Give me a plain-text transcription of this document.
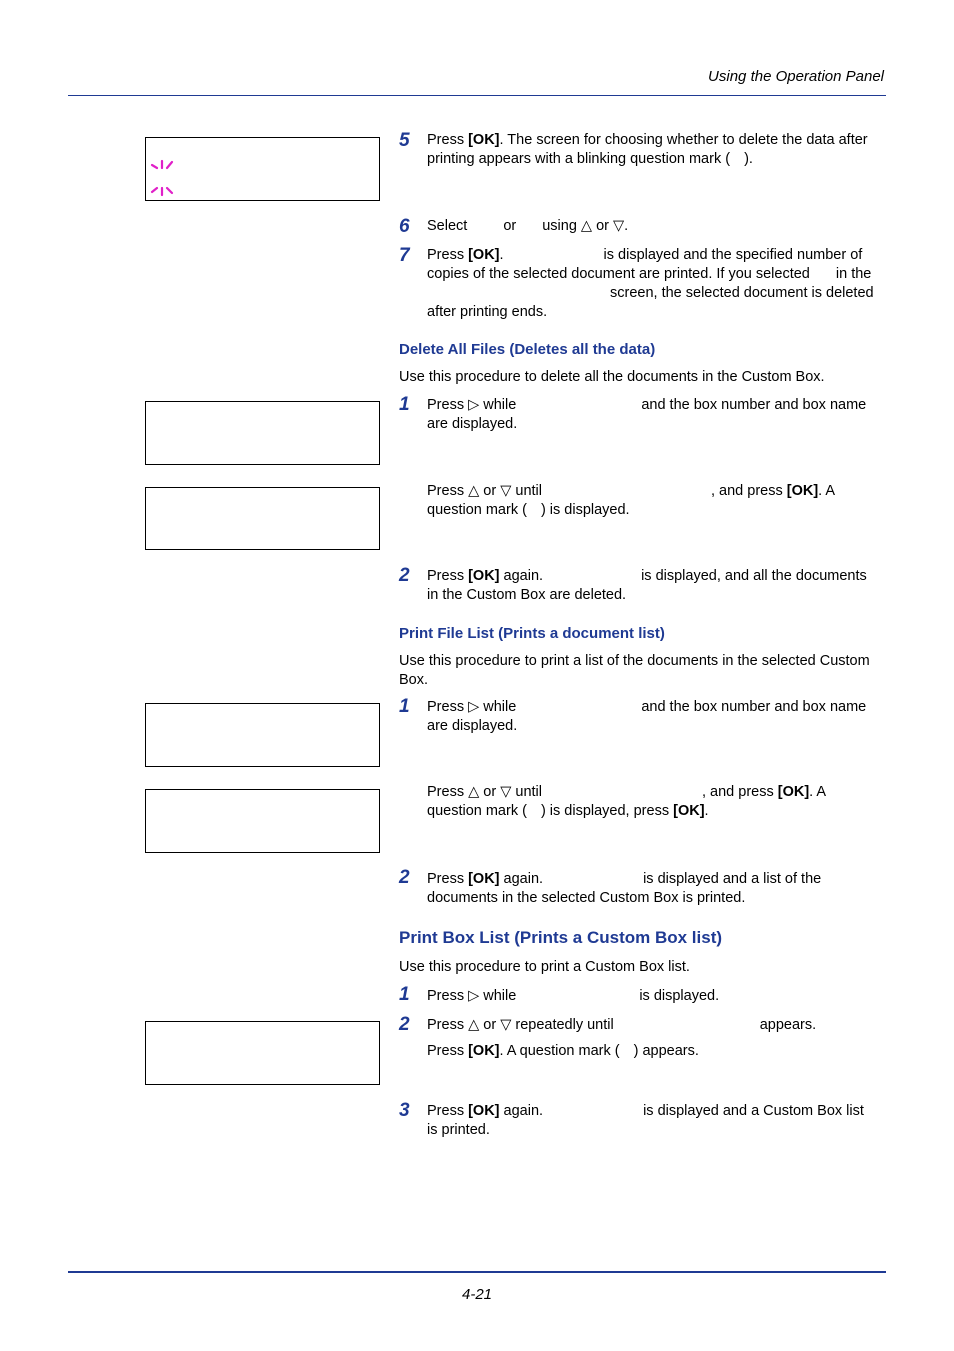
Using the Operation Panel
5 Press [OK]. The screen for choosing whether to delete the data after
printing appears with a blinking question mark ( ).
6 Select or using △ or ▽.
7 Press [OK].	is displayed and the specified number of
copies of the selected document are printed. If you selected in the
screen, the selected document is deleted
after printing ends.
Delete All Files (Deletes all the data)
Use this procedure to delete all the documents in the Custom Box.
1 Press ▷ while	and the box number and box name
are displayed.
Press △ or ▽ until	, and press [OK]. A
question mark ( ) is displayed.
2 Press [OK] again.	is displayed, and all the documents
in the Custom Box are deleted.
Print File List (Prints a document list)
Use this procedure to print a list of the documents in the selected Custom
Box.
1 Press ▷ while	and the box number and box name
are displayed.
Press △ or ▽ until	, and press [OK]. A
question mark ( ) is displayed, press [OK].
2 Press [OK] again.	is displayed and a list of the
documents in the selected Custom Box is printed.
Print Box List (Prints a Custom Box list)
Use this procedure to print a Custom Box list.
1 Press ▷ while	is displayed.
2 Press △ or ▽ repeatedly until	appears.
Press [OK]. A question mark ( ) appears.
3 Press [OK] again.	is displayed and a Custom Box list
is printed.
4-21
